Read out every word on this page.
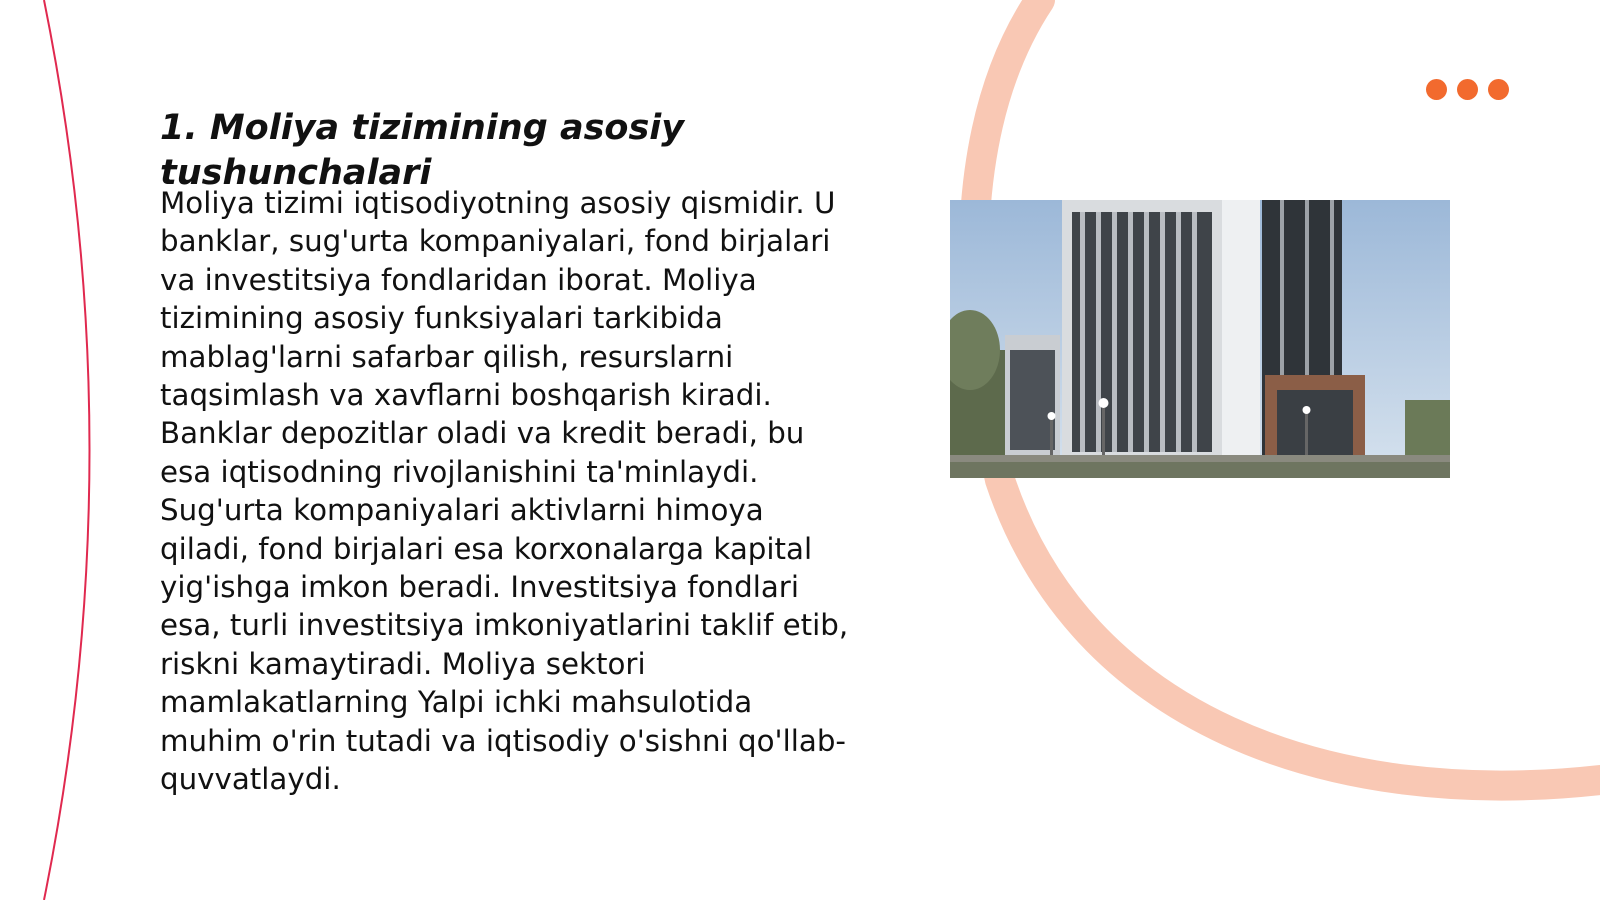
1. Moliya tizimining asosiy tushunchalari

Moliya tizimi iqtisodiyotning asosiy qismidir. U banklar, sug'urta kompaniyalari, fond birjalari va investitsiya fondlaridan iborat. Moliya tizimining asosiy funksiyalari tarkibida mablag'larni safarbar qilish, resurslarni taqsimlash va xavflarni boshqarish kiradi. Banklar depozitlar oladi va kredit beradi, bu esa iqtisodning rivojlanishini ta'minlaydi. Sug'urta kompaniyalari aktivlarni himoya qiladi, fond birjalari esa korxonalarga kapital yig'ishga imkon beradi. Investitsiya fondlari esa, turli investitsiya imkoniyatlarini taklif etib, riskni kamaytiradi. Moliya sektori mamlakatlarning Yalpi ichki mahsulotida muhim o'rin tutadi va iqtisodiy o'sishni qo'llab-quvvatlaydi.
